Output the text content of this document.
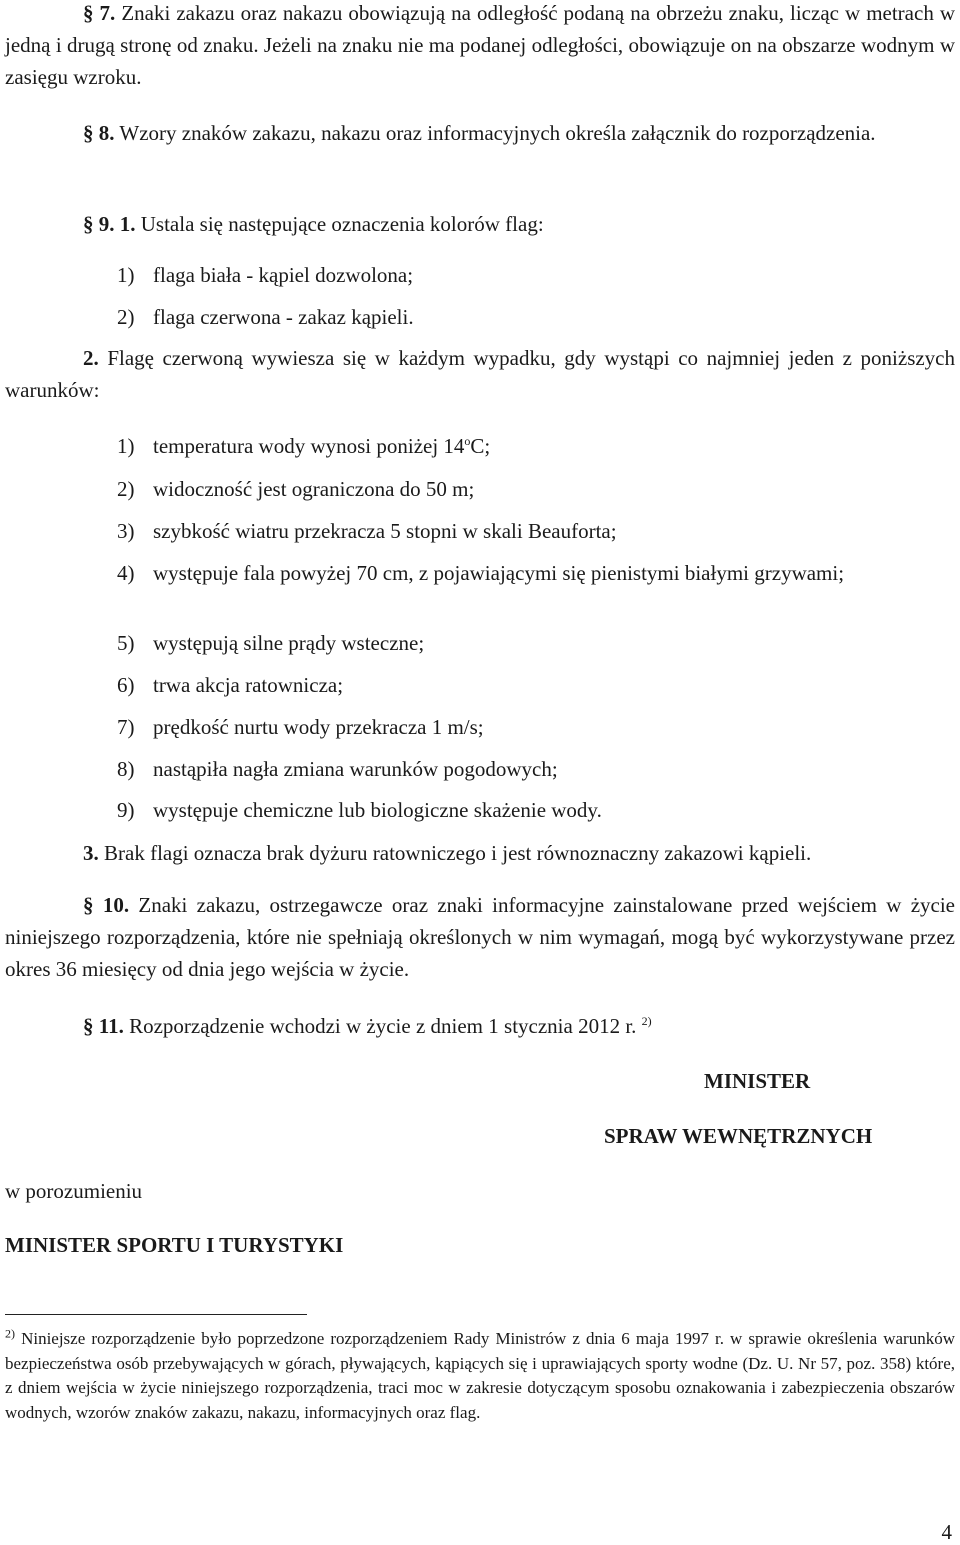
§ 7. Znaki zakazu oraz nakazu obowiązują na odległość podaną na obrzeżu znaku, licząc w metrach w jedną i drugą stronę od znaku. Jeżeli na znaku nie ma podanej odległości, obowiązuje on na obszarze wodnym w zasięgu wzroku.
§ 8. Wzory znaków zakazu, nakazu oraz informacyjnych określa załącznik do rozporządzenia.
§ 9. 1. Ustala się następujące oznaczenia kolorów flag:
1) flaga biała - kąpiel dozwolona;
2) flaga czerwona - zakaz kąpieli.
2. Flagę czerwoną wywiesza się w każdym wypadku, gdy wystąpi co najmniej jeden z poniższych warunków:
1) temperatura wody wynosi poniżej 14$^o$C;
2) widoczność jest ograniczona do 50 m;
3) szybkość wiatru przekracza 5 stopni w skali Beauforta;
4) występuje fala powyżej 70 cm, z pojawiającymi się pienistymi białymi grzywami;
5) występują silne prądy wsteczne;
6) trwa akcja ratownicza;
7) prędkość nurtu wody przekracza 1 m/s;
8) nastąpiła nagła zmiana warunków pogodowych;
9) występuje chemiczne lub biologiczne skażenie wody.
3. Brak flagi oznacza brak dyżuru ratowniczego i jest równoznaczny zakazowi kąpieli.
§ 10. Znaki zakazu, ostrzegawcze oraz znaki informacyjne zainstalowane przed wejściem w życie niniejszego rozporządzenia, które nie spełniają określonych w nim wymagań, mogą być wykorzystywane przez okres 36 miesięcy od dnia jego wejścia w życie.
§ 11. Rozporządzenie wchodzi w życie z dniem 1 stycznia 2012 r. $^{2)}$
MINISTER
SPRAW WEWNĘTRZNYCH
w porozumieniu
MINISTER SPORTU I TURYSTYKI
$^{2)}$ Niniejsze rozporządzenie było poprzedzone rozporządzeniem Rady Ministrów z dnia 6 maja 1997 r. w sprawie określenia warunków bezpieczeństwa osób przebywających w górach, pływających, kąpiących się i uprawiających sporty wodne (Dz. U. Nr 57, poz. 358) które, z dniem wejścia w życie niniejszego rozporządzenia, traci moc w zakresie dotyczącym sposobu oznakowania i zabezpieczenia obszarów wodnych, wzorów znaków zakazu, nakazu, informacyjnych oraz flag.
4
